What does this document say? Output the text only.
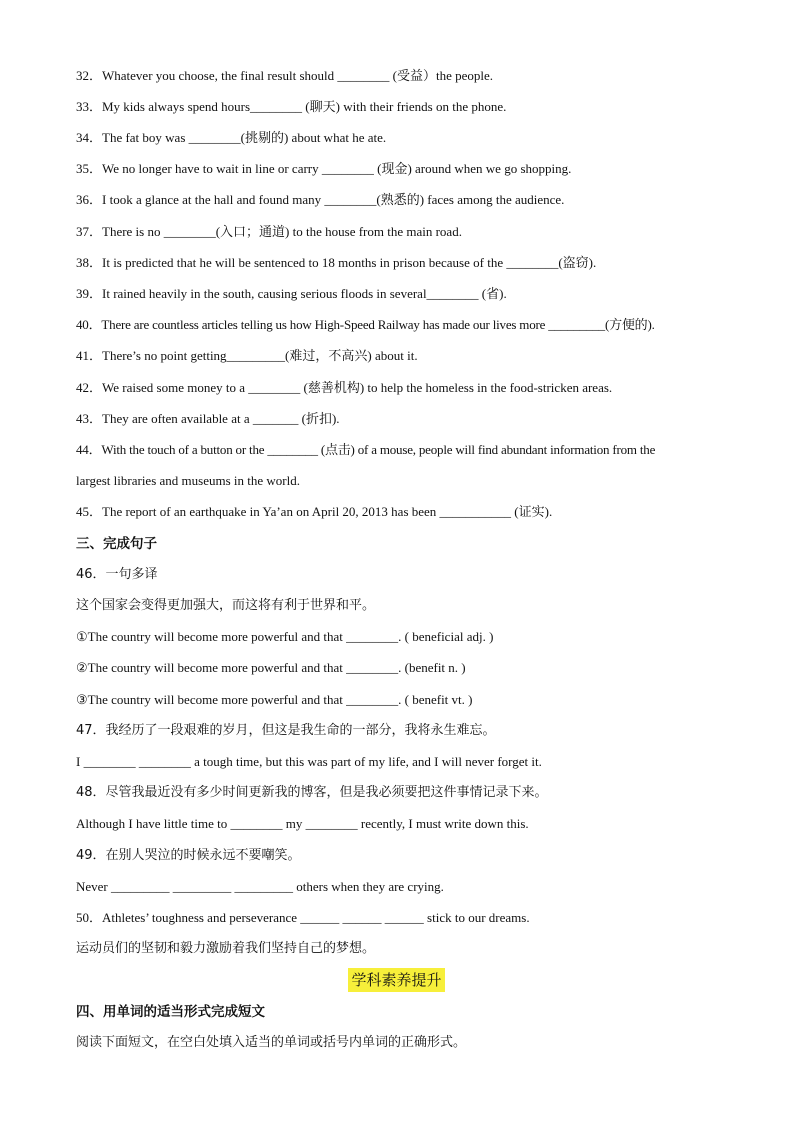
32．Whatever you choose, the final result should ________ (受益）the people.
33．My kids always spend hours________ (聊天) with their friends on the phone.
34．The fat boy was ________(挑剔的) about what he ate.
35．We no longer have to wait in line or carry ________ (现金) around when we go shopping.
36．I took a glance at the hall and found many ________(熟悉的) faces among the audience.
37．There is no ________(入口；通道) to the house from the main road.
38．It is predicted that he will be sentenced to 18 months in prison because of the ________(盗窃).
39．It rained heavily in the south, causing serious floods in several________ (省).
40．There are countless articles telling us how High-Speed Railway has made our lives more _________(方便的).
41．There’s no point getting_________(难过，不高兴) about it.
42．We raised some money to a ________ (慈善机构) to help the homeless in the food-stricken areas.
43．They are often available at a _______ (折扣).
44．With the touch of a button or the ________ (点击) of a mouse, people will find abundant information from the
largest libraries and museums in the world.
45．The report of an earthquake in Ya’an on April 20, 2013 has been ___________ (证实).
三、完成句子
46．一句多译
这个国家会变得更加强大，而这将有利于世界和平。
①The country will become more powerful and that ________. ( beneficial adj. )
②The country will become more powerful and that ________. (benefit n. )
③The country will become more powerful and that ________. ( benefit vt. )
47．我经历了一段艰难的岁月，但这是我生命的一部分，我将永生难忘。
I ________ ________ a tough time, but this was part of my life, and I will never forget it.
48．尽管我最近没有多少时间更新我的博客，但是我必须要把这件事情记录下来。
Although I have little time to ________ my ________ recently, I must write down this.
49．在别人哭泣的时候永远不要嘲笑。
Never _________ _________ _________ others when they are crying.
50．Athletes’ toughness and perseverance ______ ______ ______ stick to our dreams.
运动员们的坚韧和毅力激励着我们坚持自己的梦想。
学科素养提升
四、用单词的适当形式完成短文
阅读下面短文，在空白处填入适当的单词或括号内单词的正确形式。
